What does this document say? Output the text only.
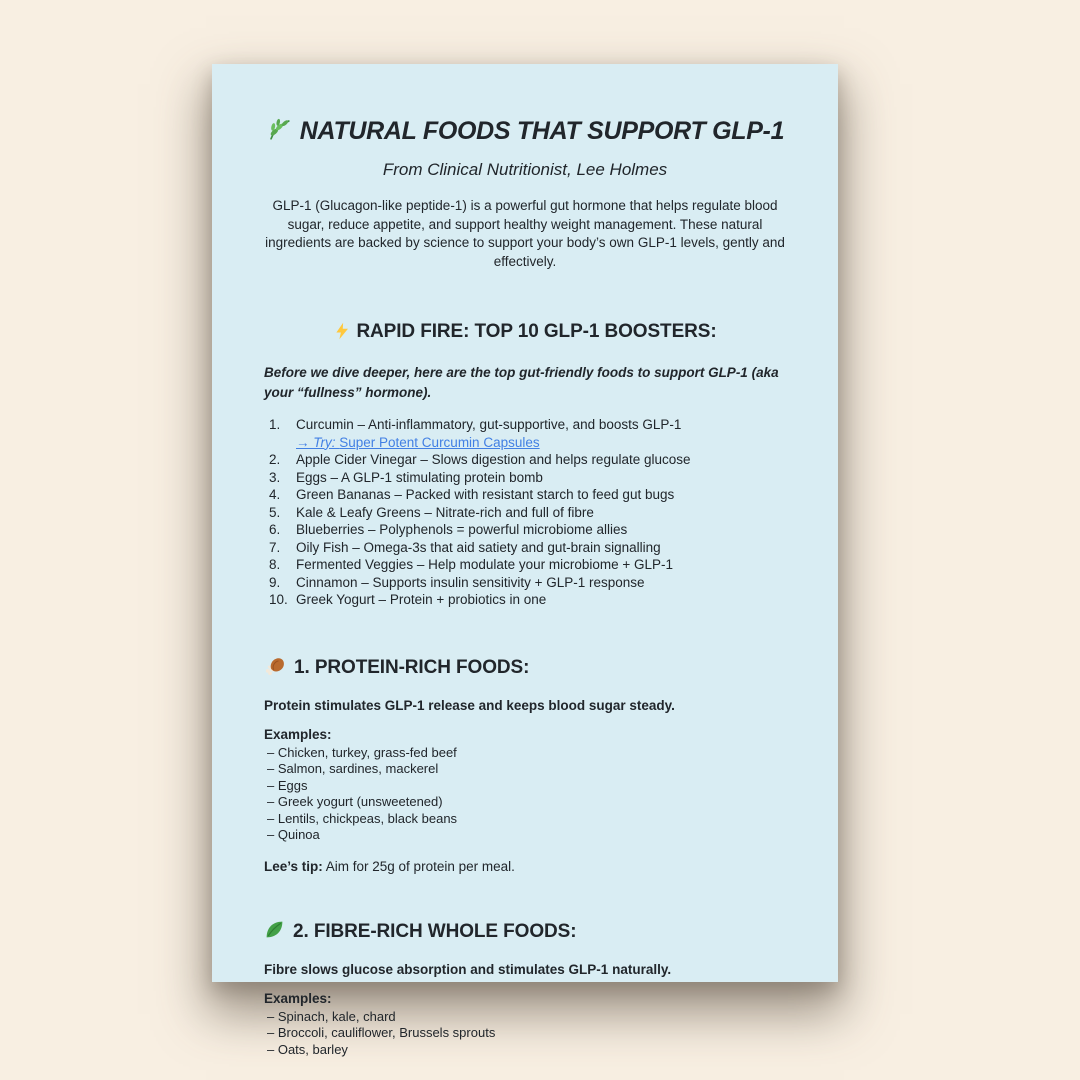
NATURAL FOODS THAT SUPPORT GLP-1

From Clinical Nutritionist, Lee Holmes

GLP-1 (Glucagon-like peptide-1) is a powerful gut hormone that helps regulate blood sugar, reduce appetite, and support healthy weight management. These natural ingredients are backed by science to support your body’s own GLP-1 levels, gently and effectively.

RAPID FIRE: TOP 10 GLP-1 BOOSTERS:

Before we dive deeper, here are the top gut-friendly foods to support GLP-1 (aka your “fullness” hormone).

1.	Curcumin – Anti-inflammatory, gut-supportive, and boosts GLP-1
→ Try: Super Potent Curcumin Capsules
2.	Apple Cider Vinegar – Slows digestion and helps regulate glucose
3.	Eggs – A GLP-1 stimulating protein bomb
4.	Green Bananas – Packed with resistant starch to feed gut bugs
5.	Kale & Leafy Greens – Nitrate-rich and full of fibre
6.	Blueberries – Polyphenols = powerful microbiome allies
7.	Oily Fish – Omega-3s that aid satiety and gut-brain signalling
8.	Fermented Veggies – Help modulate your microbiome + GLP-1
9.	Cinnamon – Supports insulin sensitivity + GLP-1 response
10. Greek Yogurt – Protein + probiotics in one
1. PROTEIN-RICH FOODS:

Protein stimulates GLP-1 release and keeps blood sugar steady.

Examples:

– Chicken, turkey, grass-fed beef
– Salmon, sardines, mackerel
– Eggs
– Greek yogurt (unsweetened)
– Lentils, chickpeas, black beans
– Quinoa

Lee’s tip: Aim for 25g of protein per meal.

2. FIBRE-RICH WHOLE FOODS:

Fibre slows glucose absorption and stimulates GLP-1 naturally.

Examples:

– Spinach, kale, chard
– Broccoli, cauliflower, Brussels sprouts
– Oats, barley
